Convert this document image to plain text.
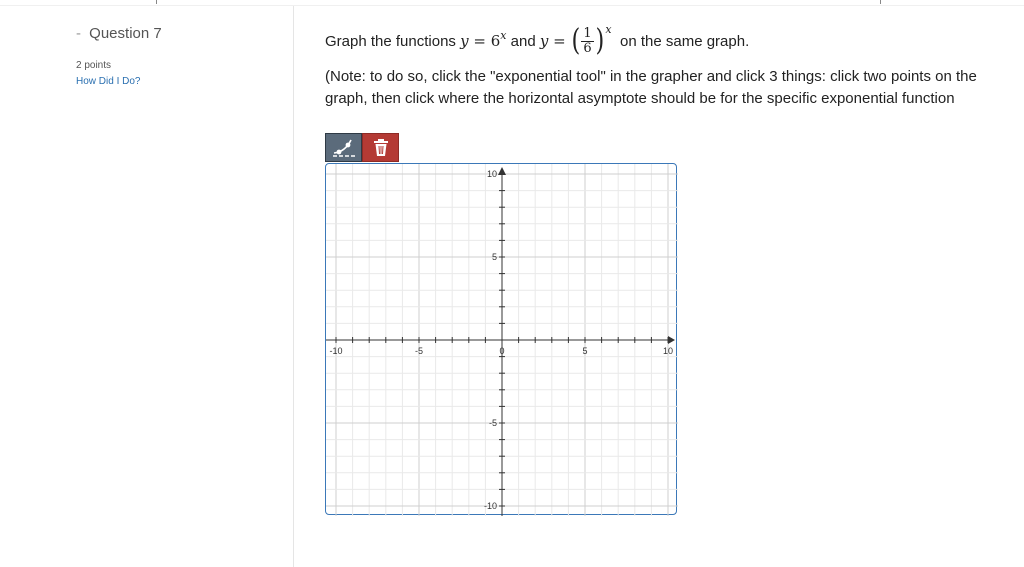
- Question 7
2 points
How Did I Do?
Graph the functions
$y = 6^x$
and
y = ( $\frac{1}{6}$ ) x

on the same graph.
(Note: to do so, click the "exponential tool" in the grapher and click 3 things: click two points on the graph, then click where the horizontal asymptote should be for the specific exponential function
-10	-5	0	5	10
10
5
-5
-10
